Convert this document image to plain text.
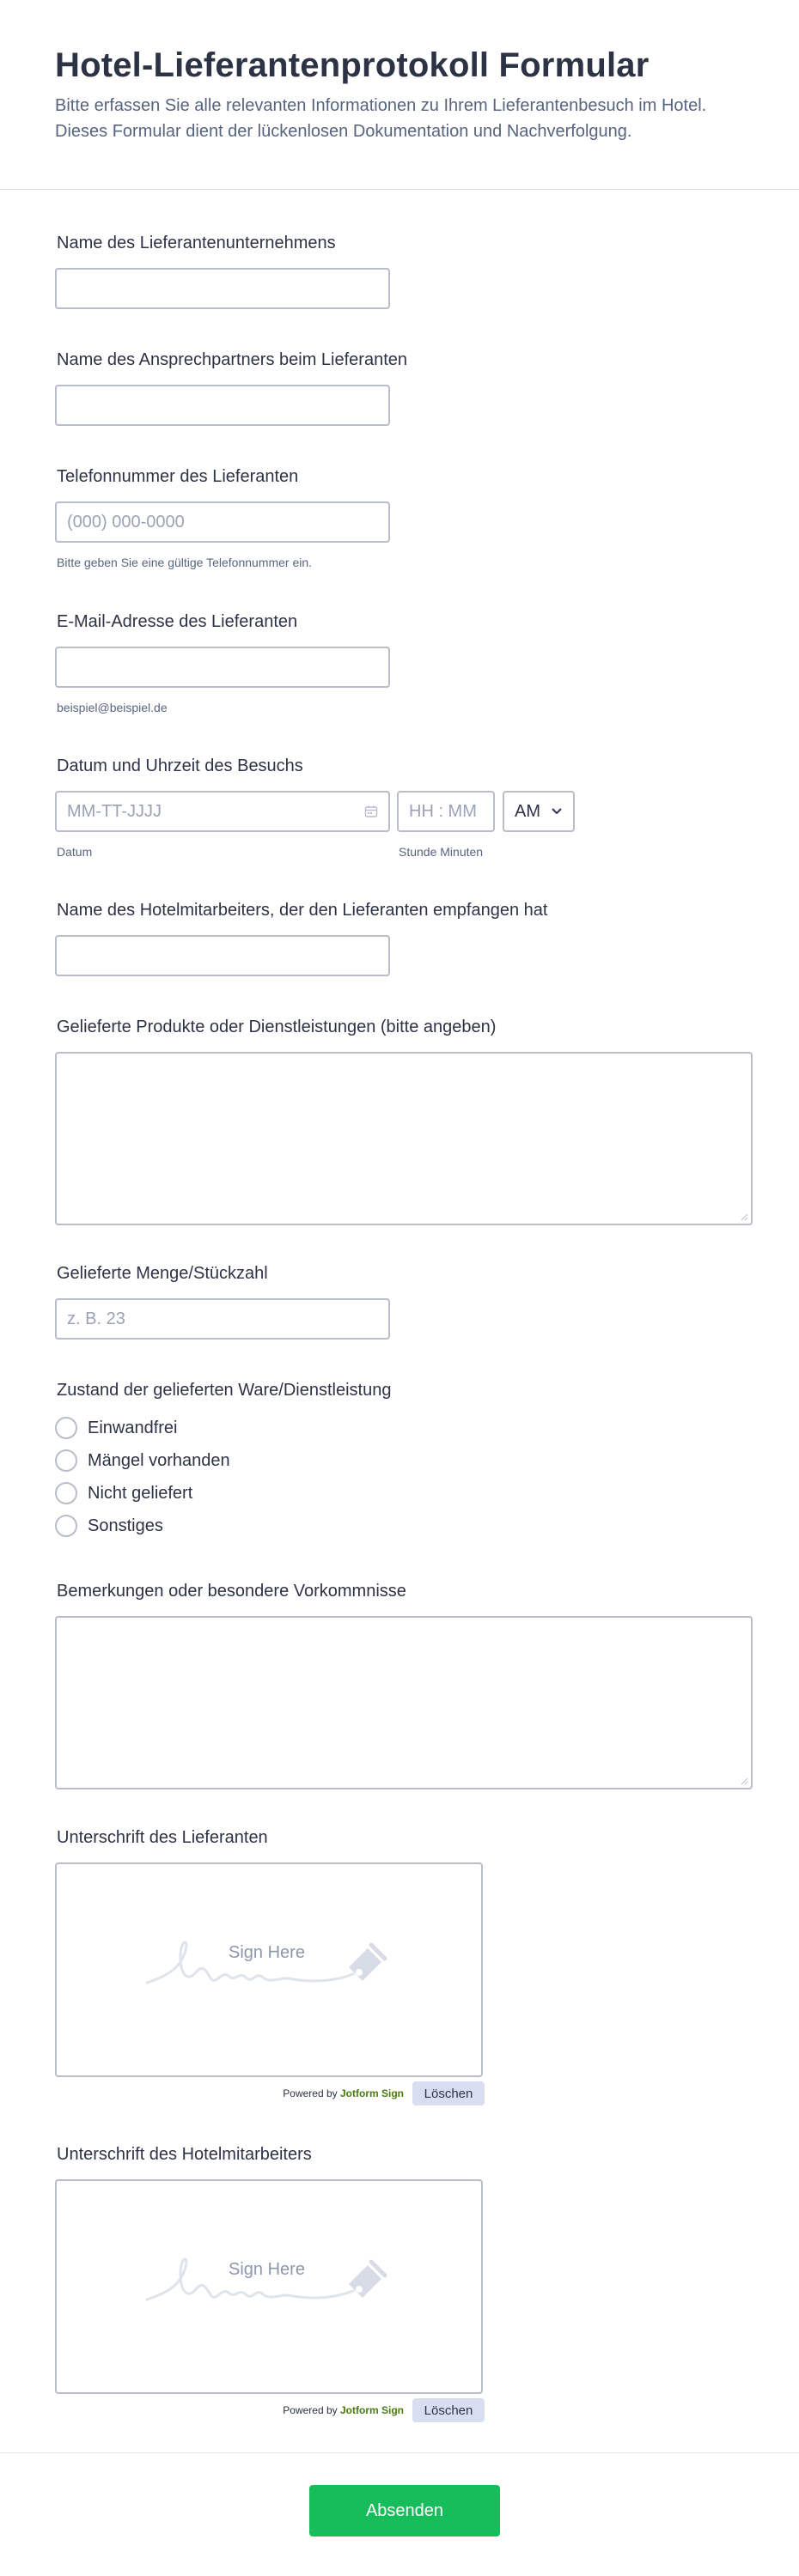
Hotel-Lieferantenprotokoll Formular

Bitte erfassen Sie alle relevanten Informationen zu Ihrem Lieferantenbesuch im Hotel. Dieses Formular dient der lückenlosen Dokumentation und Nachverfolgung.

Name des Lieferantenunternehmens
Name des Ansprechpartners beim Lieferanten
Telefonnummer des Lieferanten
(000) 000-0000
Bitte geben Sie eine gültige Telefonnummer ein.
E-Mail-Adresse des Lieferanten
beispiel@beispiel.de
Datum und Uhrzeit des Besuchs
MM-TT-JJJJ	HH : MM AM
Datum	Stunde Minuten
Name des Hotelmitarbeiters, der den Lieferanten empfangen hat
Gelieferte Produkte oder Dienstleistungen (bitte angeben)
Gelieferte Menge/Stückzahl
z. B. 23
Zustand der gelieferten Ware/Dienstleistung
Einwandfrei
Mängel vorhanden
Nicht geliefert
Sonstiges
Bemerkungen oder besondere Vorkommnisse
Unterschrift des Lieferanten
Sign Here
Powered by Jotform Sign	Löschen
Unterschrift des Hotelmitarbeiters
Sign Here
Powered by Jotform Sign	Löschen
Absenden
